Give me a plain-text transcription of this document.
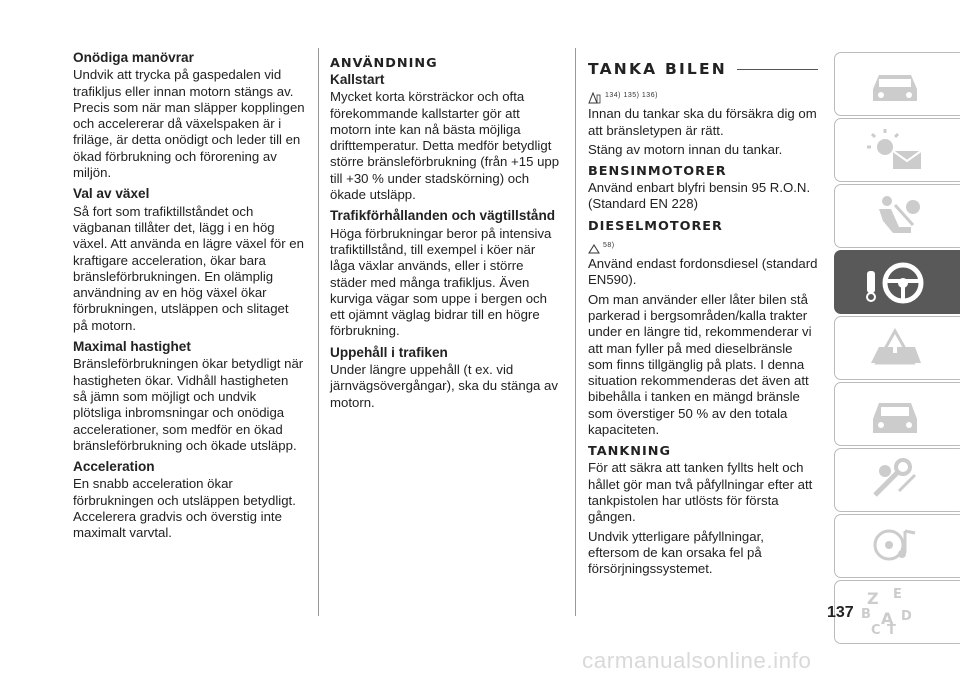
Onödiga manövrar

Undvik att trycka på gaspedalen vid trafikljus eller innan motorn stängs av. Precis som när man släpper kopplingen och accelererar då växelspaken är i friläge, är detta onödigt och leder till en ökad förbrukning och förorening av miljön.

Val av växel

Så fort som trafiktillståndet och vägbanan tillåter det, lägg i en hög växel. Att använda en lägre växel för en kraftigare acceleration, ökar bara bränsleförbrukningen. En olämplig användning av en hög växel ökar förbrukningen, utsläppen och slitaget på motorn.

Maximal hastighet

Bränsleförbrukningen ökar betydligt när hastigheten ökar. Vidhåll hastigheten så jämn som möjligt och undvik plötsliga inbromsningar och onödiga accelerationer, som medför en ökad bränsleförbrukning och ökade utsläpp.

Acceleration

En snabb acceleration ökar förbrukningen och utsläppen betydligt. Accelerera gradvis och överstig inte maximalt varvtal.

ANVÄNDNING
Kallstart

Mycket korta körsträckor och ofta förekommande kallstarter gör att motorn inte kan nå bästa möjliga drifttemperatur. Detta medför betydligt större bränsleförbrukning (från +15 upp till +30 % under stadskörning) och ökade utsläpp.

Trafikförhållanden och vägtillstånd

Höga förbrukningar beror på intensiva trafiktillstånd, till exempel i köer när låga växlar används, eller i större städer med många trafikljus. Även kurviga vägar som uppe i bergen och ett ojämnt väglag bidrar till en högre förbrukning.

Uppehåll i trafiken

Under längre uppehåll (t ex. vid järnvägsövergångar), ska du stänga av motorn.

TANKA BILEN
134) 135) 136)

Innan du tankar ska du försäkra dig om att bränsletypen är rätt.

Stäng av motorn innan du tankar.

BENSINMOTORER

Använd enbart blyfri bensin 95 R.O.N. (Standard EN 228)

DIESELMOTORER
58)

Använd endast fordonsdiesel (standard EN590).

Om man använder eller låter bilen stå parkerad i bergsområden/kalla trakter under en längre tid, rekommenderar vi att man fyller på med dieselbränsle som finns tillgänglig på plats. I denna situation rekommenderas det även att bibehålla i tanken en mängd bränsle som överstiger 50 % av den totala kapaciteten.

TANKNING

För att säkra att tanken fyllts helt och hållet gör man två påfyllningar efter att tankpistolen har utlösts för första gången.

Undvik ytterligare påfyllningar, eftersom de kan orsaka fel på försörjningssystemet.

Z E
B A D
C T
137
carmanualsonline.info
